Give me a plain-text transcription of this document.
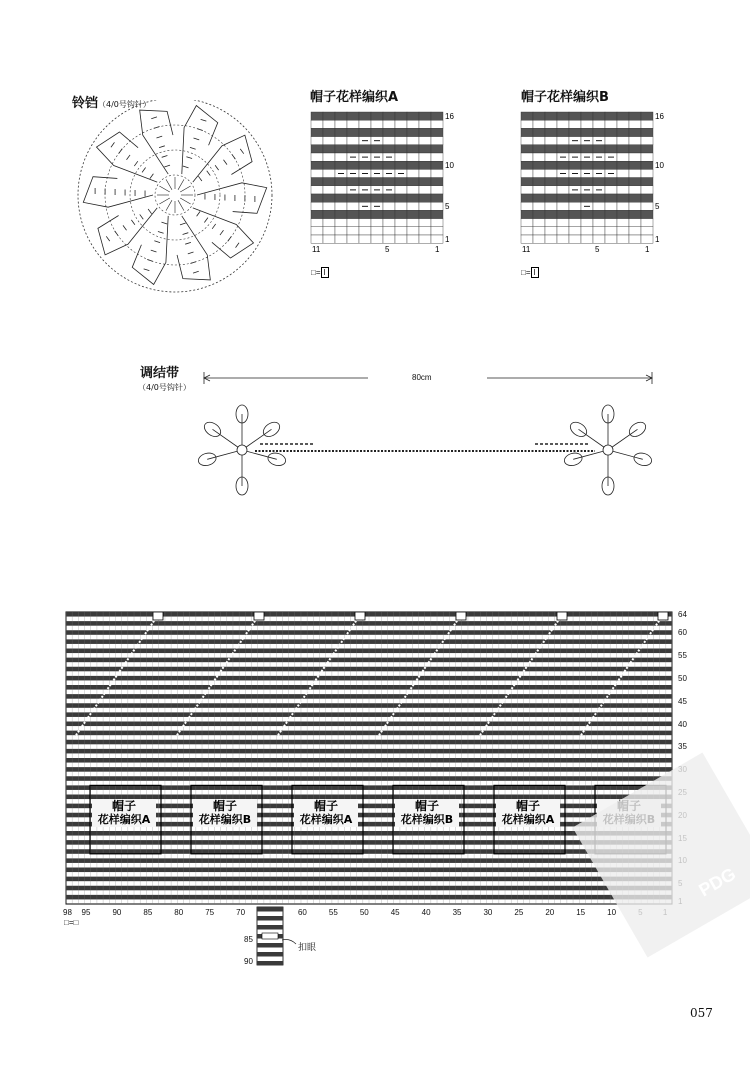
铃铛（4/0号钩针）	帽子花样编织A
16
10
5
1
11	5	1
□= I
帽子花样编织B
16
10
5
1
11	5	1
□= I
调结带
（4/0号钩针）
80cm
64
60
55
50
45
40
35
98 95	90	85	80	75	70	60	55	50	45	40	35	30	25	20	15	10
帽子
花样编织A
帽子
花样编织B
帽子
花样编织A
帽子
花样编织B
帽子
花样编织A
□=□
85
90
扣眼
PDG
057
